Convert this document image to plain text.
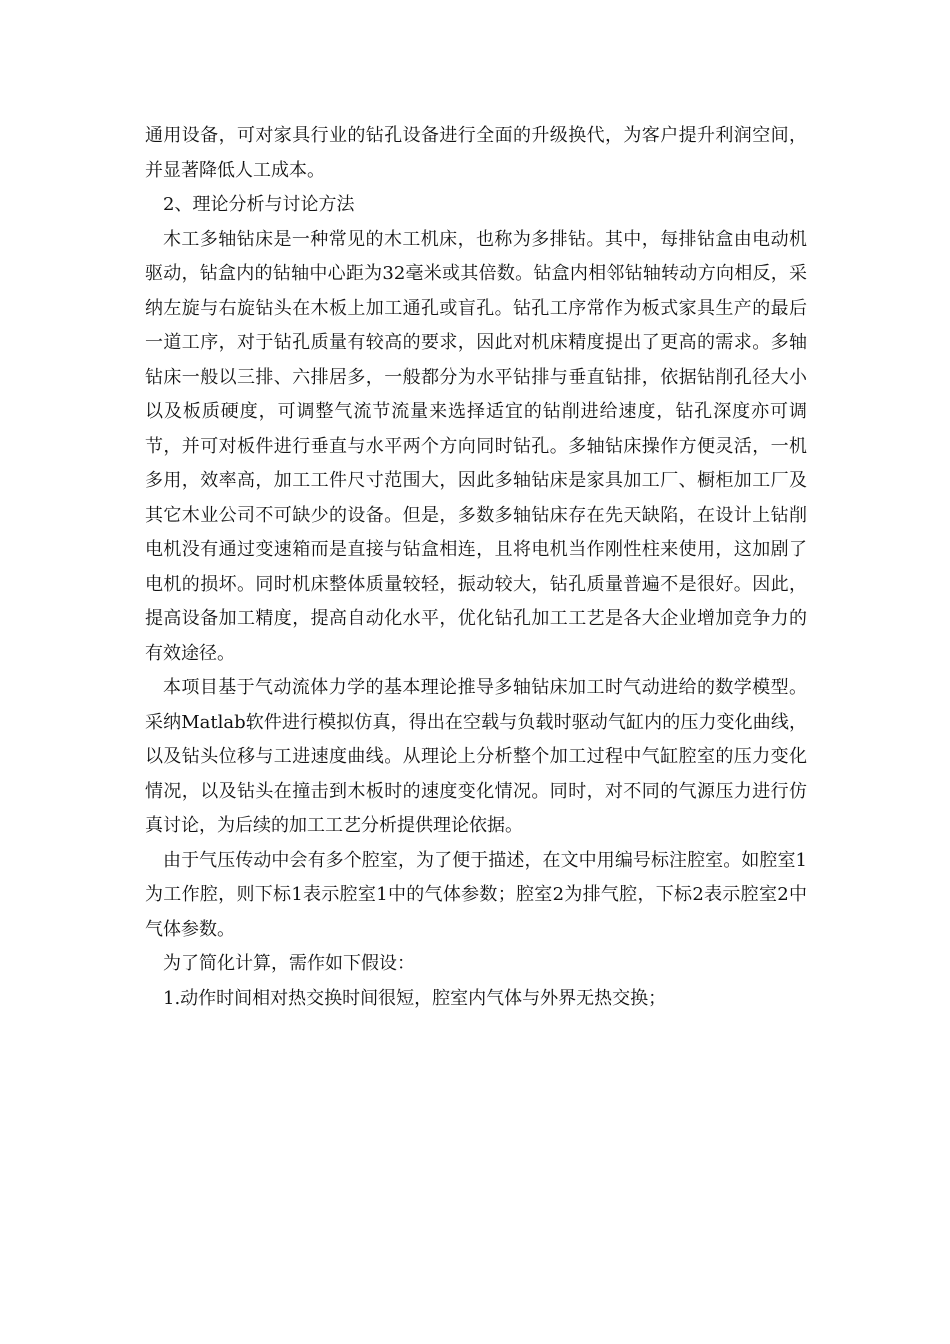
通用设备，可对家具行业的钻孔设备进行全面的升级换代，为客户提升利润空间，并显著降低人工成本。

2、理论分析与讨论方法

木工多轴钻床是一种常见的木工机床，也称为多排钻。其中，每排钻盒由电动机驱动，钻盒内的钻轴中心距为32毫米或其倍数。钻盒内相邻钻轴转动方向相反，采纳左旋与右旋钻头在木板上加工通孔或盲孔。钻孔工序常作为板式家具生产的最后一道工序，对于钻孔质量有较高的要求，因此对机床精度提出了更高的需求。多轴钻床一般以三排、六排居多，一般都分为水平钻排与垂直钻排，依据钻削孔径大小以及板质硬度，可调整气流节流量来选择适宜的钻削进给速度，钻孔深度亦可调节，并可对板件进行垂直与水平两个方向同时钻孔。多轴钻床操作方便灵活，一机多用，效率高，加工工件尺寸范围大，因此多轴钻床是家具加工厂、橱柜加工厂及其它木业公司不可缺少的设备。但是，多数多轴钻床存在先天缺陷，在设计上钻削电机没有通过变速箱而是直接与钻盒相连，且将电机当作刚性柱来使用，这加剧了电机的损坏。同时机床整体质量较轻，振动较大，钻孔质量普遍不是很好。因此，提高设备加工精度，提高自动化水平，优化钻孔加工工艺是各大企业增加竞争力的有效途径。

本项目基于气动流体力学的基本理论推导多轴钻床加工时气动进给的数学模型。采纳Matlab软件进行模拟仿真，得出在空载与负载时驱动气缸内的压力变化曲线，以及钻头位移与工进速度曲线。从理论上分析整个加工过程中气缸腔室的压力变化情况，以及钻头在撞击到木板时的速度变化情况。同时，对不同的气源压力进行仿真讨论，为后续的加工工艺分析提供理论依据。

由于气压传动中会有多个腔室，为了便于描述，在文中用编号标注腔室。如腔室1为工作腔，则下标1表示腔室1中的气体参数；腔室2为排气腔，下标2表示腔室2中气体参数。

为了简化计算，需作如下假设：

1.动作时间相对热交换时间很短，腔室内气体与外界无热交换；
